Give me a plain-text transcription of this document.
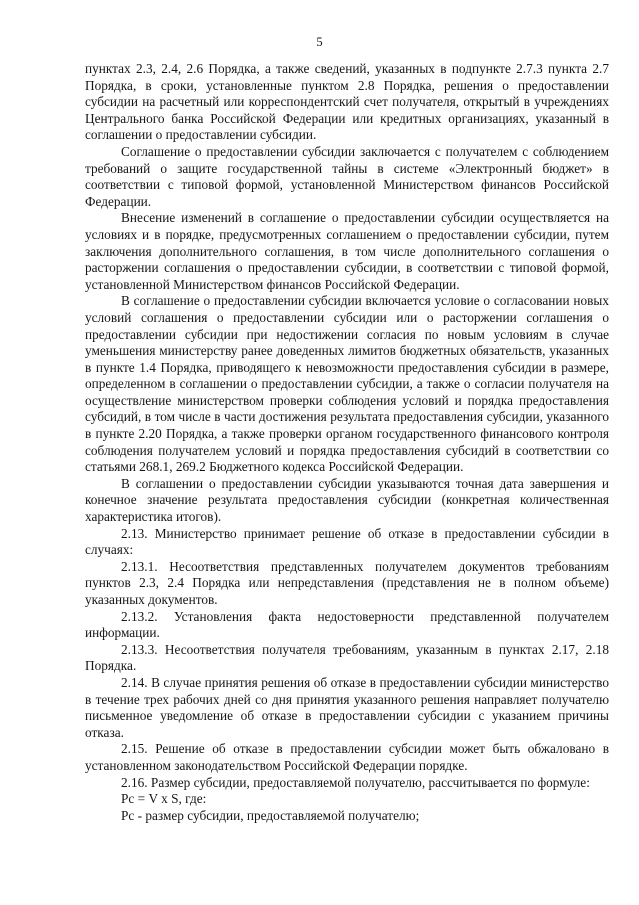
5

пунктах 2.3, 2.4, 2.6 Порядка, а также сведений, указанных в подпункте 2.7.3 пункта 2.7 Порядка, в сроки, установленные пунктом 2.8 Порядка, решения о предоставлении субсидии на расчетный или корреспондентский счет получателя, открытый в учреждениях Центрального банка Российской Федерации или кредитных организациях, указанный в соглашении о предоставлении субсидии.

Соглашение о предоставлении субсидии заключается с получателем с соблюдением требований о защите государственной тайны в системе «Электронный бюджет» в соответствии с типовой формой, установленной Министерством финансов Российской Федерации.

Внесение изменений в соглашение о предоставлении субсидии осуществляется на условиях и в порядке, предусмотренных соглашением о предоставлении субсидии, путем заключения дополнительного соглашения, в том числе дополнительного соглашения о расторжении соглашения о предоставлении субсидии, в соответствии с типовой формой, установленной Министерством финансов Российской Федерации.

В соглашение о предоставлении субсидии включается условие о согласовании новых условий соглашения о предоставлении субсидии или о расторжении соглашения о предоставлении субсидии при недостижении согласия по новым условиям в случае уменьшения министерству ранее доведенных лимитов бюджетных обязательств, указанных в пункте 1.4 Порядка, приводящего к невозможности предоставления субсидии в размере, определенном в соглашении о предоставлении субсидии, а также о согласии получателя на осуществление министерством проверки соблюдения условий и порядка предоставления субсидий, в том числе в части достижения результата предоставления субсидии, указанного в пункте 2.20 Порядка, а также проверки органом государственного финансового контроля соблюдения получателем условий и порядка предоставления субсидий в соответствии со статьями 268.1, 269.2 Бюджетного кодекса Российской Федерации.

В соглашении о предоставлении субсидии указываются точная дата завершения и конечное значение результата предоставления субсидии (конкретная количественная характеристика итогов).

2.13. Министерство принимает решение об отказе в предоставлении субсидии в случаях:

2.13.1. Несоответствия представленных получателем документов требованиям пунктов 2.3, 2.4 Порядка или непредставления (представления не в полном объеме) указанных документов.

2.13.2. Установления факта недостоверности представленной получателем информации.

2.13.3. Несоответствия получателя требованиям, указанным в пунктах 2.17, 2.18 Порядка.

2.14. В случае принятия решения об отказе в предоставлении субсидии министерство в течение трех рабочих дней со дня принятия указанного решения направляет получателю письменное уведомление об отказе в предоставлении субсидии с указанием причины отказа.

2.15. Решение об отказе в предоставлении субсидии может быть обжаловано в установленном законодательством Российской Федерации порядке.

2.16. Размер субсидии, предоставляемой получателю, рассчитывается по формуле:

Рс = V x S, где:

Рс - размер субсидии, предоставляемой получателю;
